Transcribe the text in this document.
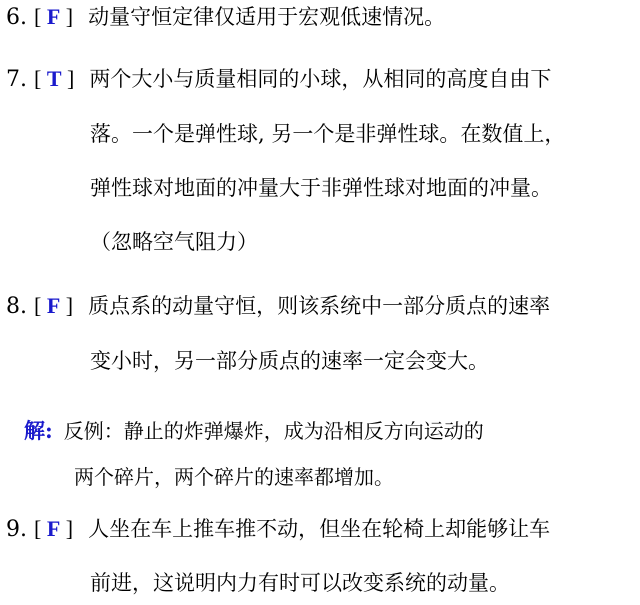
6. [ F ] 动量守恒定律仅适用于宏观低速情况。
7. [ T ] 两个大小与质量相同的小球，从相同的高度自由下
落。一个是弹性球, 另一个是非弹性球。在数值上，
弹性球对地面的冲量大于非弹性球对地面的冲量。
（忽略空气阻力）
8. [ F ] 质点系的动量守恒，则该系统中一部分质点的速率
变小时，另一部分质点的速率一定会变大。
解: 反例：静止的炸弹爆炸，成为沿相反方向运动的
两个碎片，两个碎片的速率都增加。
9. [ F ] 人坐在车上推车推不动，但坐在轮椅上却能够让车
前进，这说明内力有时可以改变系统的动量。
